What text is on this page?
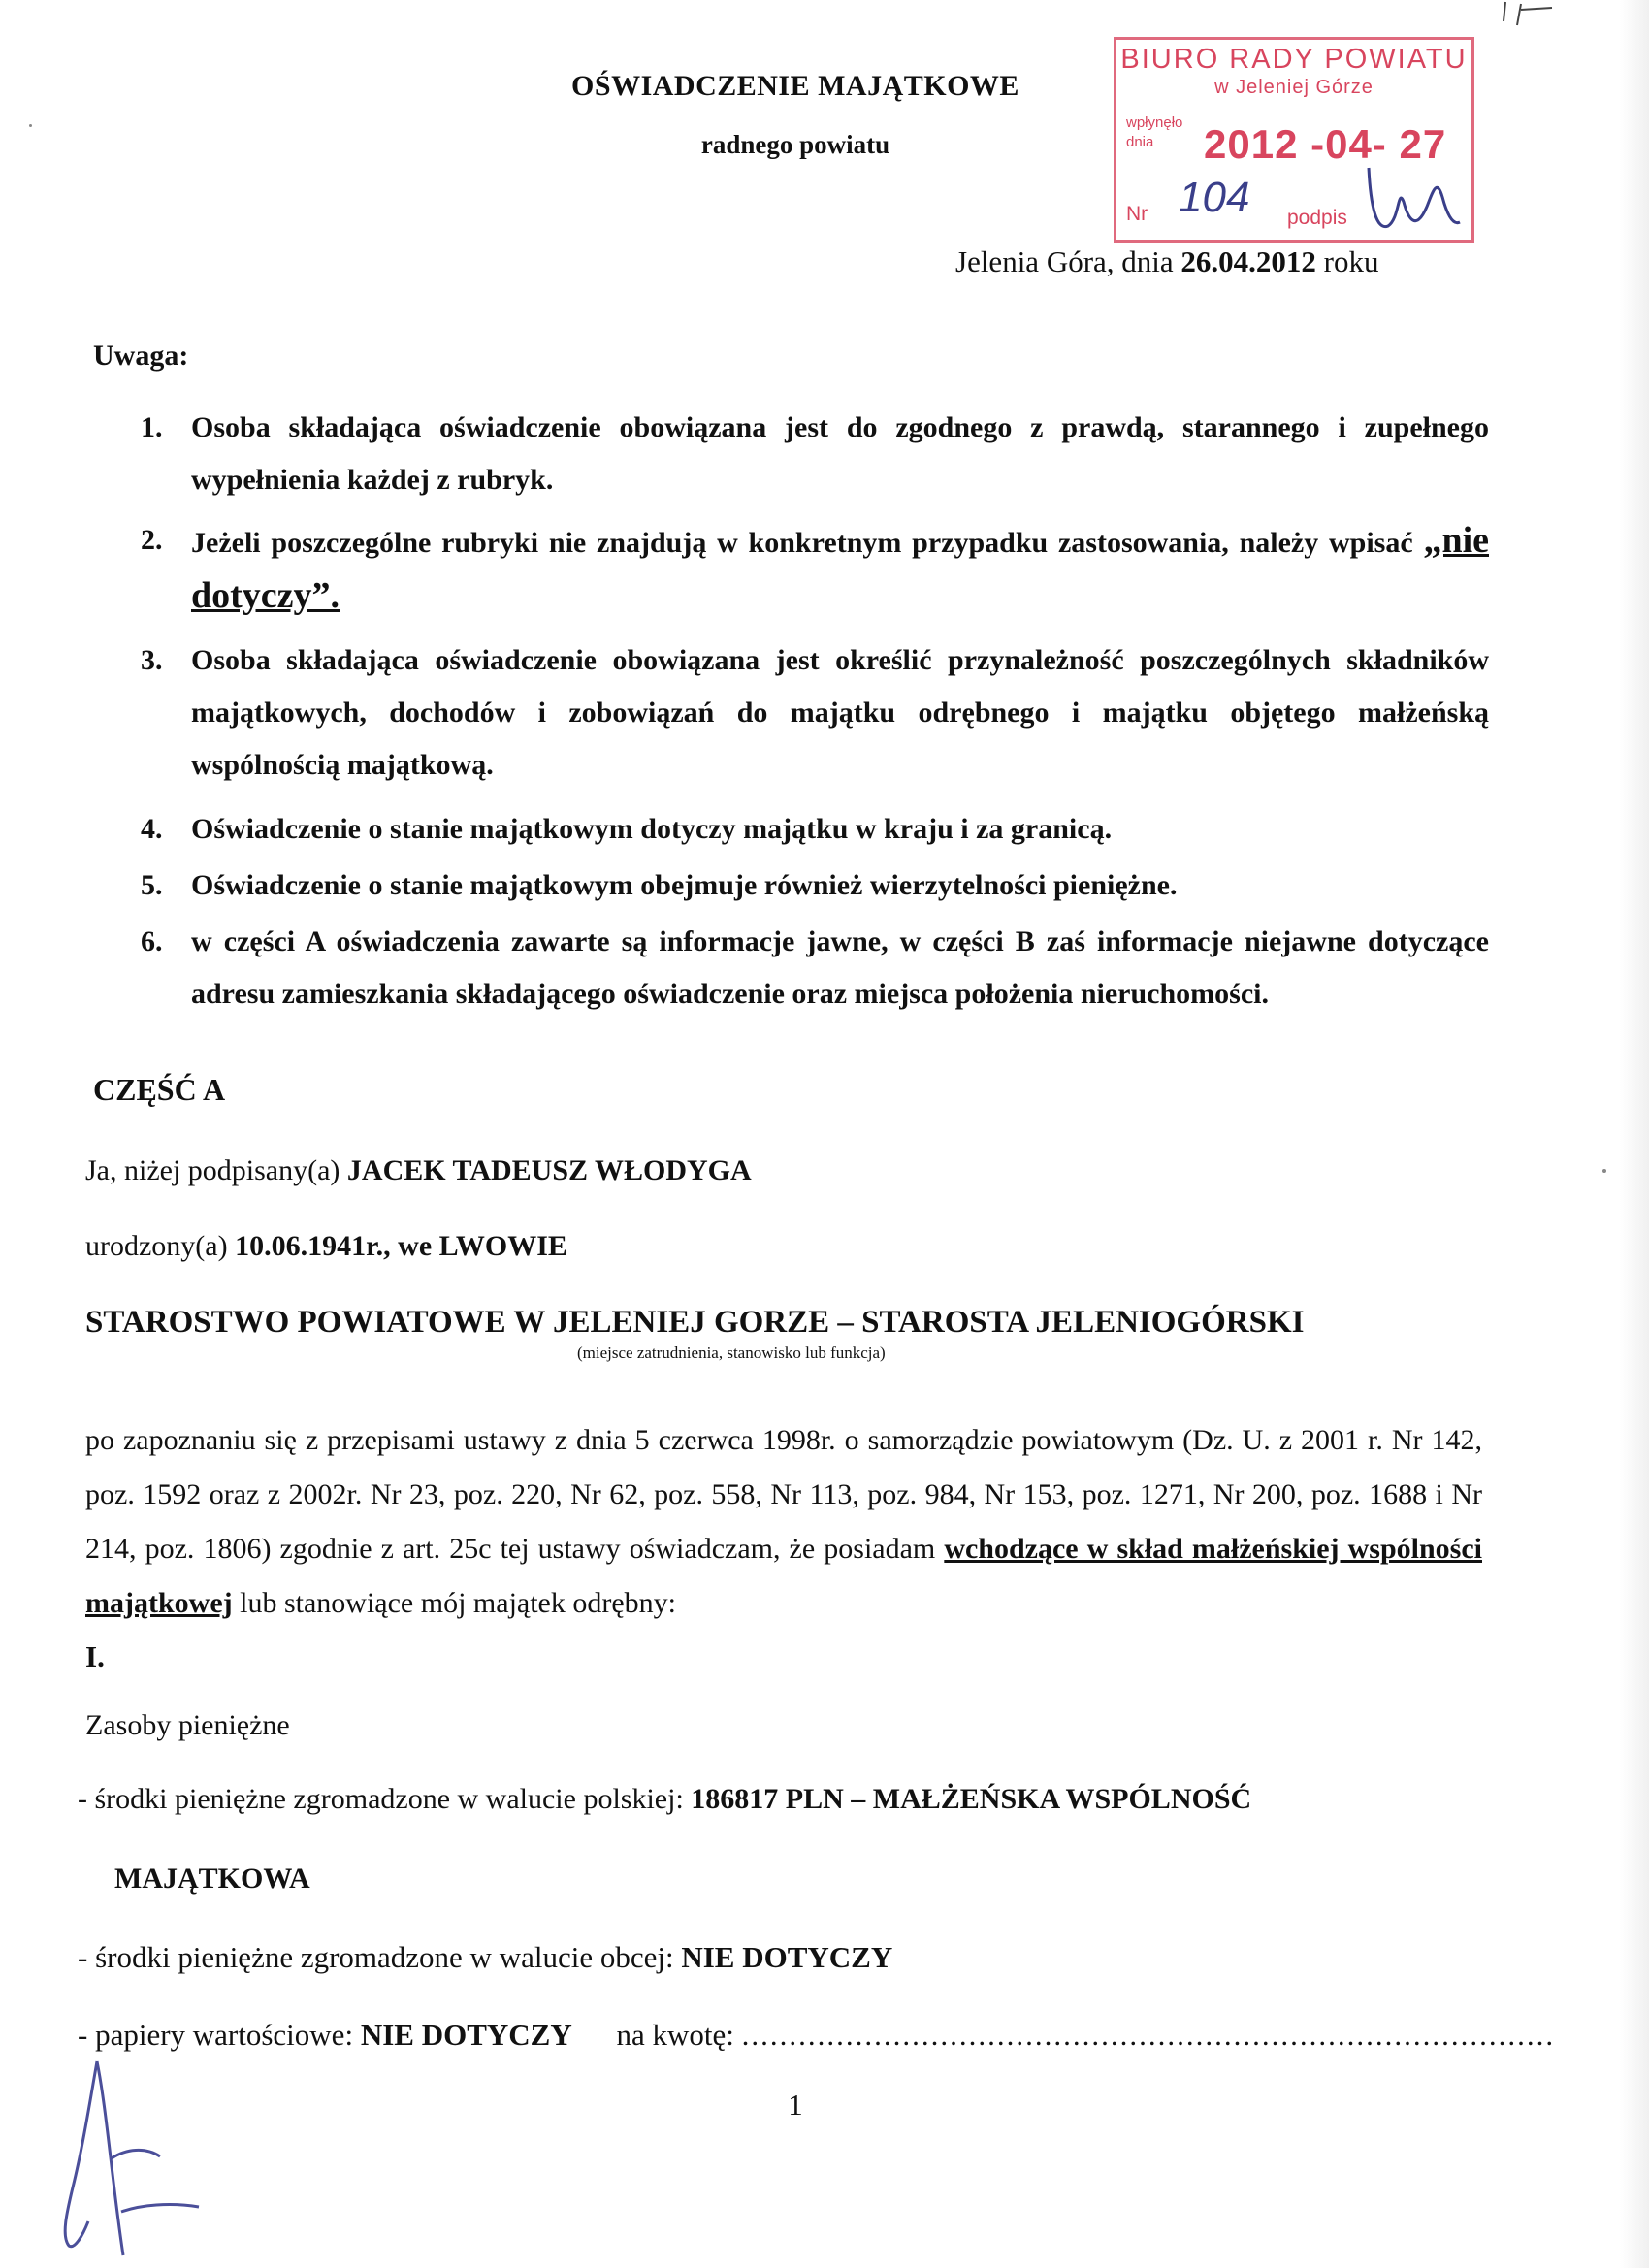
OŚWIADCZENIE MAJĄTKOWE
radnego powiatu
BIURO RADY POWIATU
w Jeleniej Górze
wpłynęło
dnia	2012 -04- 27
Nr 104 podpis
Jelenia Góra, dnia 26.04.2012 roku
Uwaga:
1. Osoba składająca oświadczenie obowiązana jest do zgodnego z prawdą, starannego i zupełnego wypełnienia każdej z rubryk.
2. Jeżeli poszczególne rubryki nie znajdują w konkretnym przypadku zastosowania, należy wpisać „nie dotyczy”.
3. Osoba składająca oświadczenie obowiązana jest określić przynależność poszczególnych składników majątkowych, dochodów i zobowiązań do majątku odrębnego i majątku objętego małżeńską wspólnością majątkową.
4. Oświadczenie o stanie majątkowym dotyczy majątku w kraju i za granicą.
5. Oświadczenie o stanie majątkowym obejmuje również wierzytelności pieniężne.
6. w części A oświadczenia zawarte są informacje jawne, w części B zaś informacje niejawne dotyczące adresu zamieszkania składającego oświadczenie oraz miejsca położenia nieruchomości.
CZĘŚĆ A
Ja, niżej podpisany(a) JACEK TADEUSZ WŁODYGA
urodzony(a) 10.06.1941r., we LWOWIE
STAROSTWO POWIATOWE W JELENIEJ GORZE – STAROSTA JELENIOGÓRSKI
(miejsce zatrudnienia, stanowisko lub funkcja)
po zapoznaniu się z przepisami ustawy z dnia 5 czerwca 1998r. o samorządzie powiatowym (Dz. U. z 2001 r. Nr 142, poz. 1592 oraz z 2002r. Nr 23, poz. 220, Nr 62, poz. 558, Nr 113, poz. 984, Nr 153, poz. 1271, Nr 200, poz. 1688 i Nr 214, poz. 1806) zgodnie z art. 25c tej ustawy oświadczam, że posiadam wchodzące w skład małżeńskiej wspólności majątkowej lub stanowiące mój majątek odrębny:
I.
Zasoby pieniężne
- środki pieniężne zgromadzone w walucie polskiej: 186817 PLN – MAŁŻEŃSKA WSPÓLNOŚĆ
MAJĄTKOWA
- środki pieniężne zgromadzone w walucie obcej: NIE DOTYCZY
- papiery wartościowe: NIE DOTYCZY na kwotę: ......................................................................................
1
